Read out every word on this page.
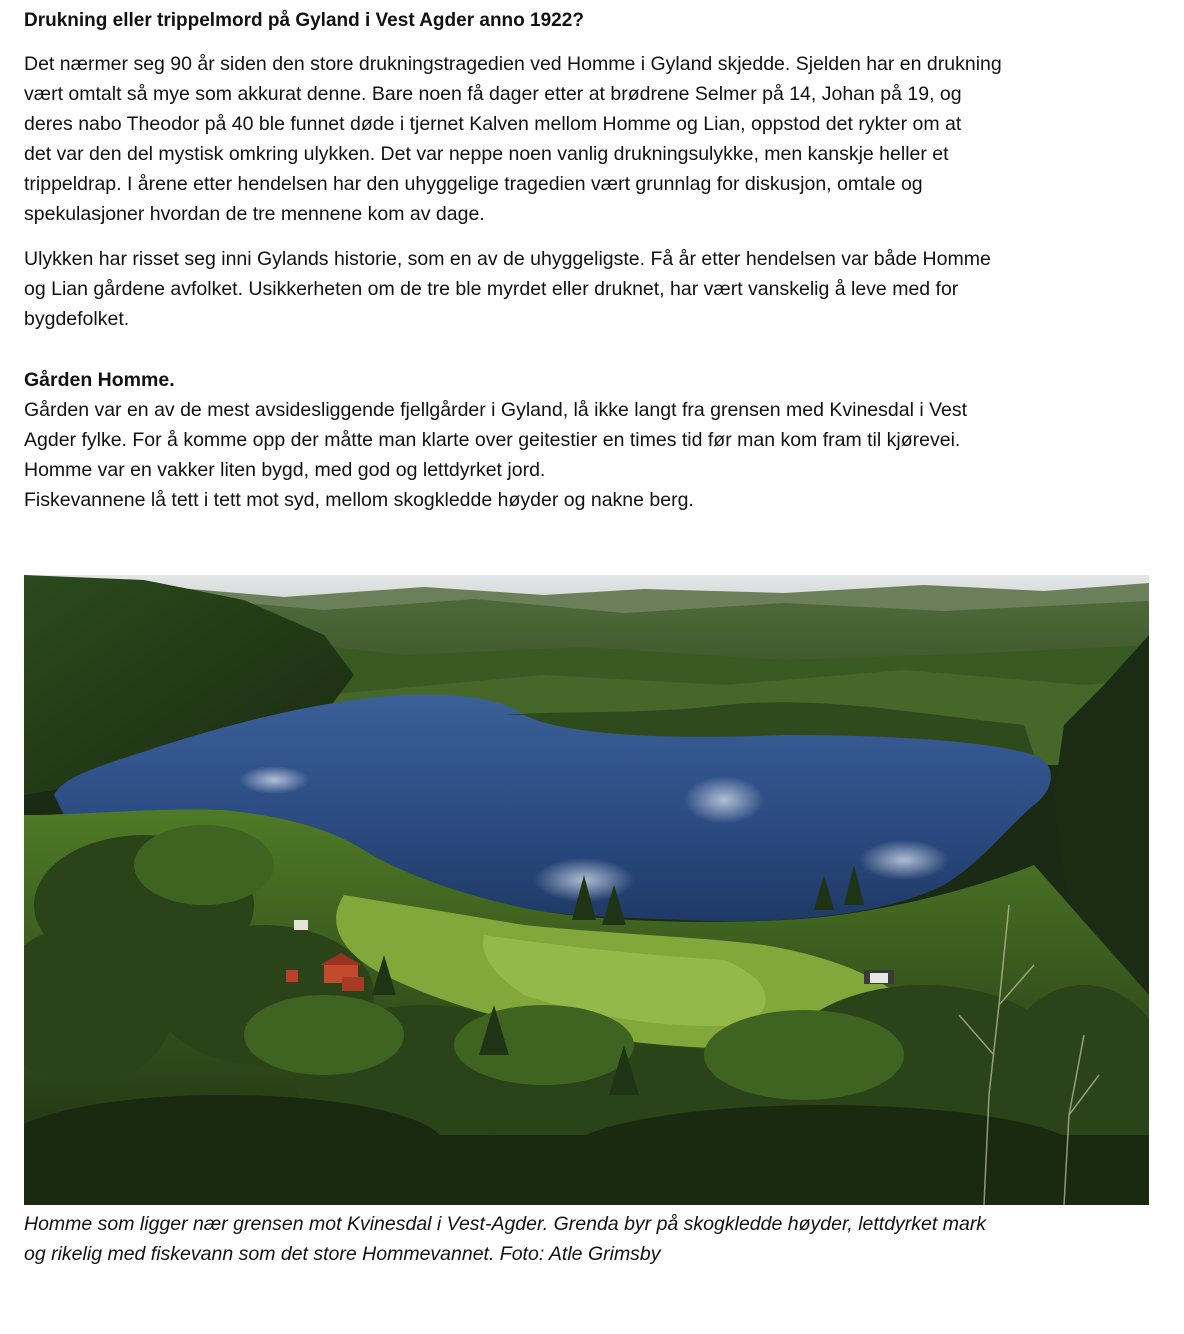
Drukning eller trippelmord på Gyland i Vest Agder anno 1922?

Det nærmer seg 90 år siden den store drukningstragedien ved Homme i Gyland skjedde. Sjelden har en drukning
vært omtalt så mye som akkurat denne. Bare noen få dager etter at brødrene Selmer på 14, Johan på 19, og
deres nabo Theodor på 40 ble funnet døde i tjernet Kalven mellom Homme og Lian, oppstod det rykter om at
det var den del mystisk omkring ulykken. Det var neppe noen vanlig drukningsulykke, men kanskje heller et
trippeldrap. I årene etter hendelsen har den uhyggelige tragedien vært grunnlag for diskusjon, omtale og
spekulasjoner hvordan de tre mennene kom av dage.

Ulykken har risset seg inni Gylands historie, som en av de uhyggeligste. Få år etter hendelsen var både Homme
og Lian gårdene avfolket. Usikkerheten om de tre ble myrdet eller druknet, har vært vanskelig å leve med for
bygdefolket.

Gården Homme.

Gården var en av de mest avsidesliggende fjellgårder i Gyland, lå ikke langt fra grensen med Kvinesdal i Vest
Agder fylke. For å komme opp der måtte man klarte over geitestier en times tid før man kom fram til kjørevei.
Homme var en vakker liten bygd, med god og lettdyrket jord.
Fiskevannene lå tett i tett mot syd, mellom skogkledde høyder og nakne berg.

Homme som ligger nær grensen mot Kvinesdal i Vest-Agder. Grenda byr på skogkledde høyder, lettdyrket mark
og rikelig med fiskevann som det store Hommevannet. Foto: Atle Grimsby
